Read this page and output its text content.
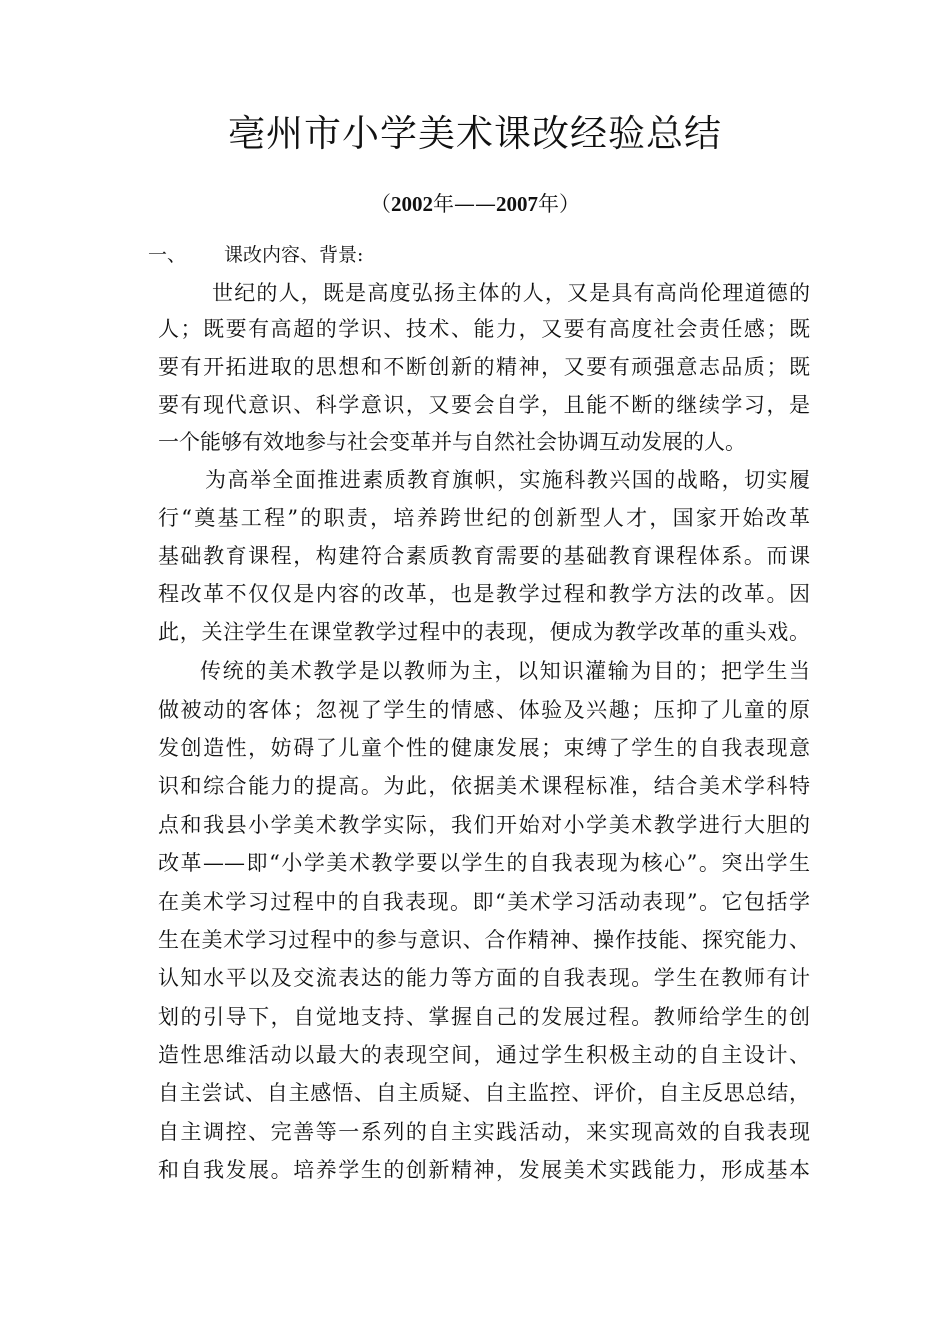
亳州市小学美术课改经验总结
（2002年——2007年）
一、 课改内容、背景:
世纪的人，既是高度弘扬主体的人，又是具有高尚伦理道德的
人；既要有高超的学识、技术、能力，又要有高度社会责任感；既
要有开拓进取的思想和不断创新的精神，又要有顽强意志品质；既
要有现代意识、科学意识，又要会自学，且能不断的继续学习，是
一个能够有效地参与社会变革并与自然社会协调互动发展的人。
为高举全面推进素质教育旗帜，实施科教兴国的战略，切实履
行“奠基工程”的职责，培养跨世纪的创新型人才，国家开始改革
基础教育课程，构建符合素质教育需要的基础教育课程体系。而课
程改革不仅仅是内容的改革，也是教学过程和教学方法的改革。因
此，关注学生在课堂教学过程中的表现，便成为教学改革的重头戏。
传统的美术教学是以教师为主，以知识灌输为目的；把学生当
做被动的客体；忽视了学生的情感、体验及兴趣；压抑了儿童的原
发创造性，妨碍了儿童个性的健康发展；束缚了学生的自我表现意
识和综合能力的提高。为此，依据美术课程标准，结合美术学科特
点和我县小学美术教学实际，我们开始对小学美术教学进行大胆的
改革——即“小学美术教学要以学生的自我表现为核心”。突出学生
在美术学习过程中的自我表现。即“美术学习活动表现”。它包括学
生在美术学习过程中的参与意识、合作精神、操作技能、探究能力、
认知水平以及交流表达的能力等方面的自我表现。学生在教师有计
划的引导下，自觉地支持、掌握自己的发展过程。教师给学生的创
造性思维活动以最大的表现空间，通过学生积极主动的自主设计、
自主尝试、自主感悟、自主质疑、自主监控、评价，自主反思总结，
自主调控、完善等一系列的自主实践活动，来实现高效的自我表现
和自我发展。培养学生的创新精神，发展美术实践能力，形成基本
